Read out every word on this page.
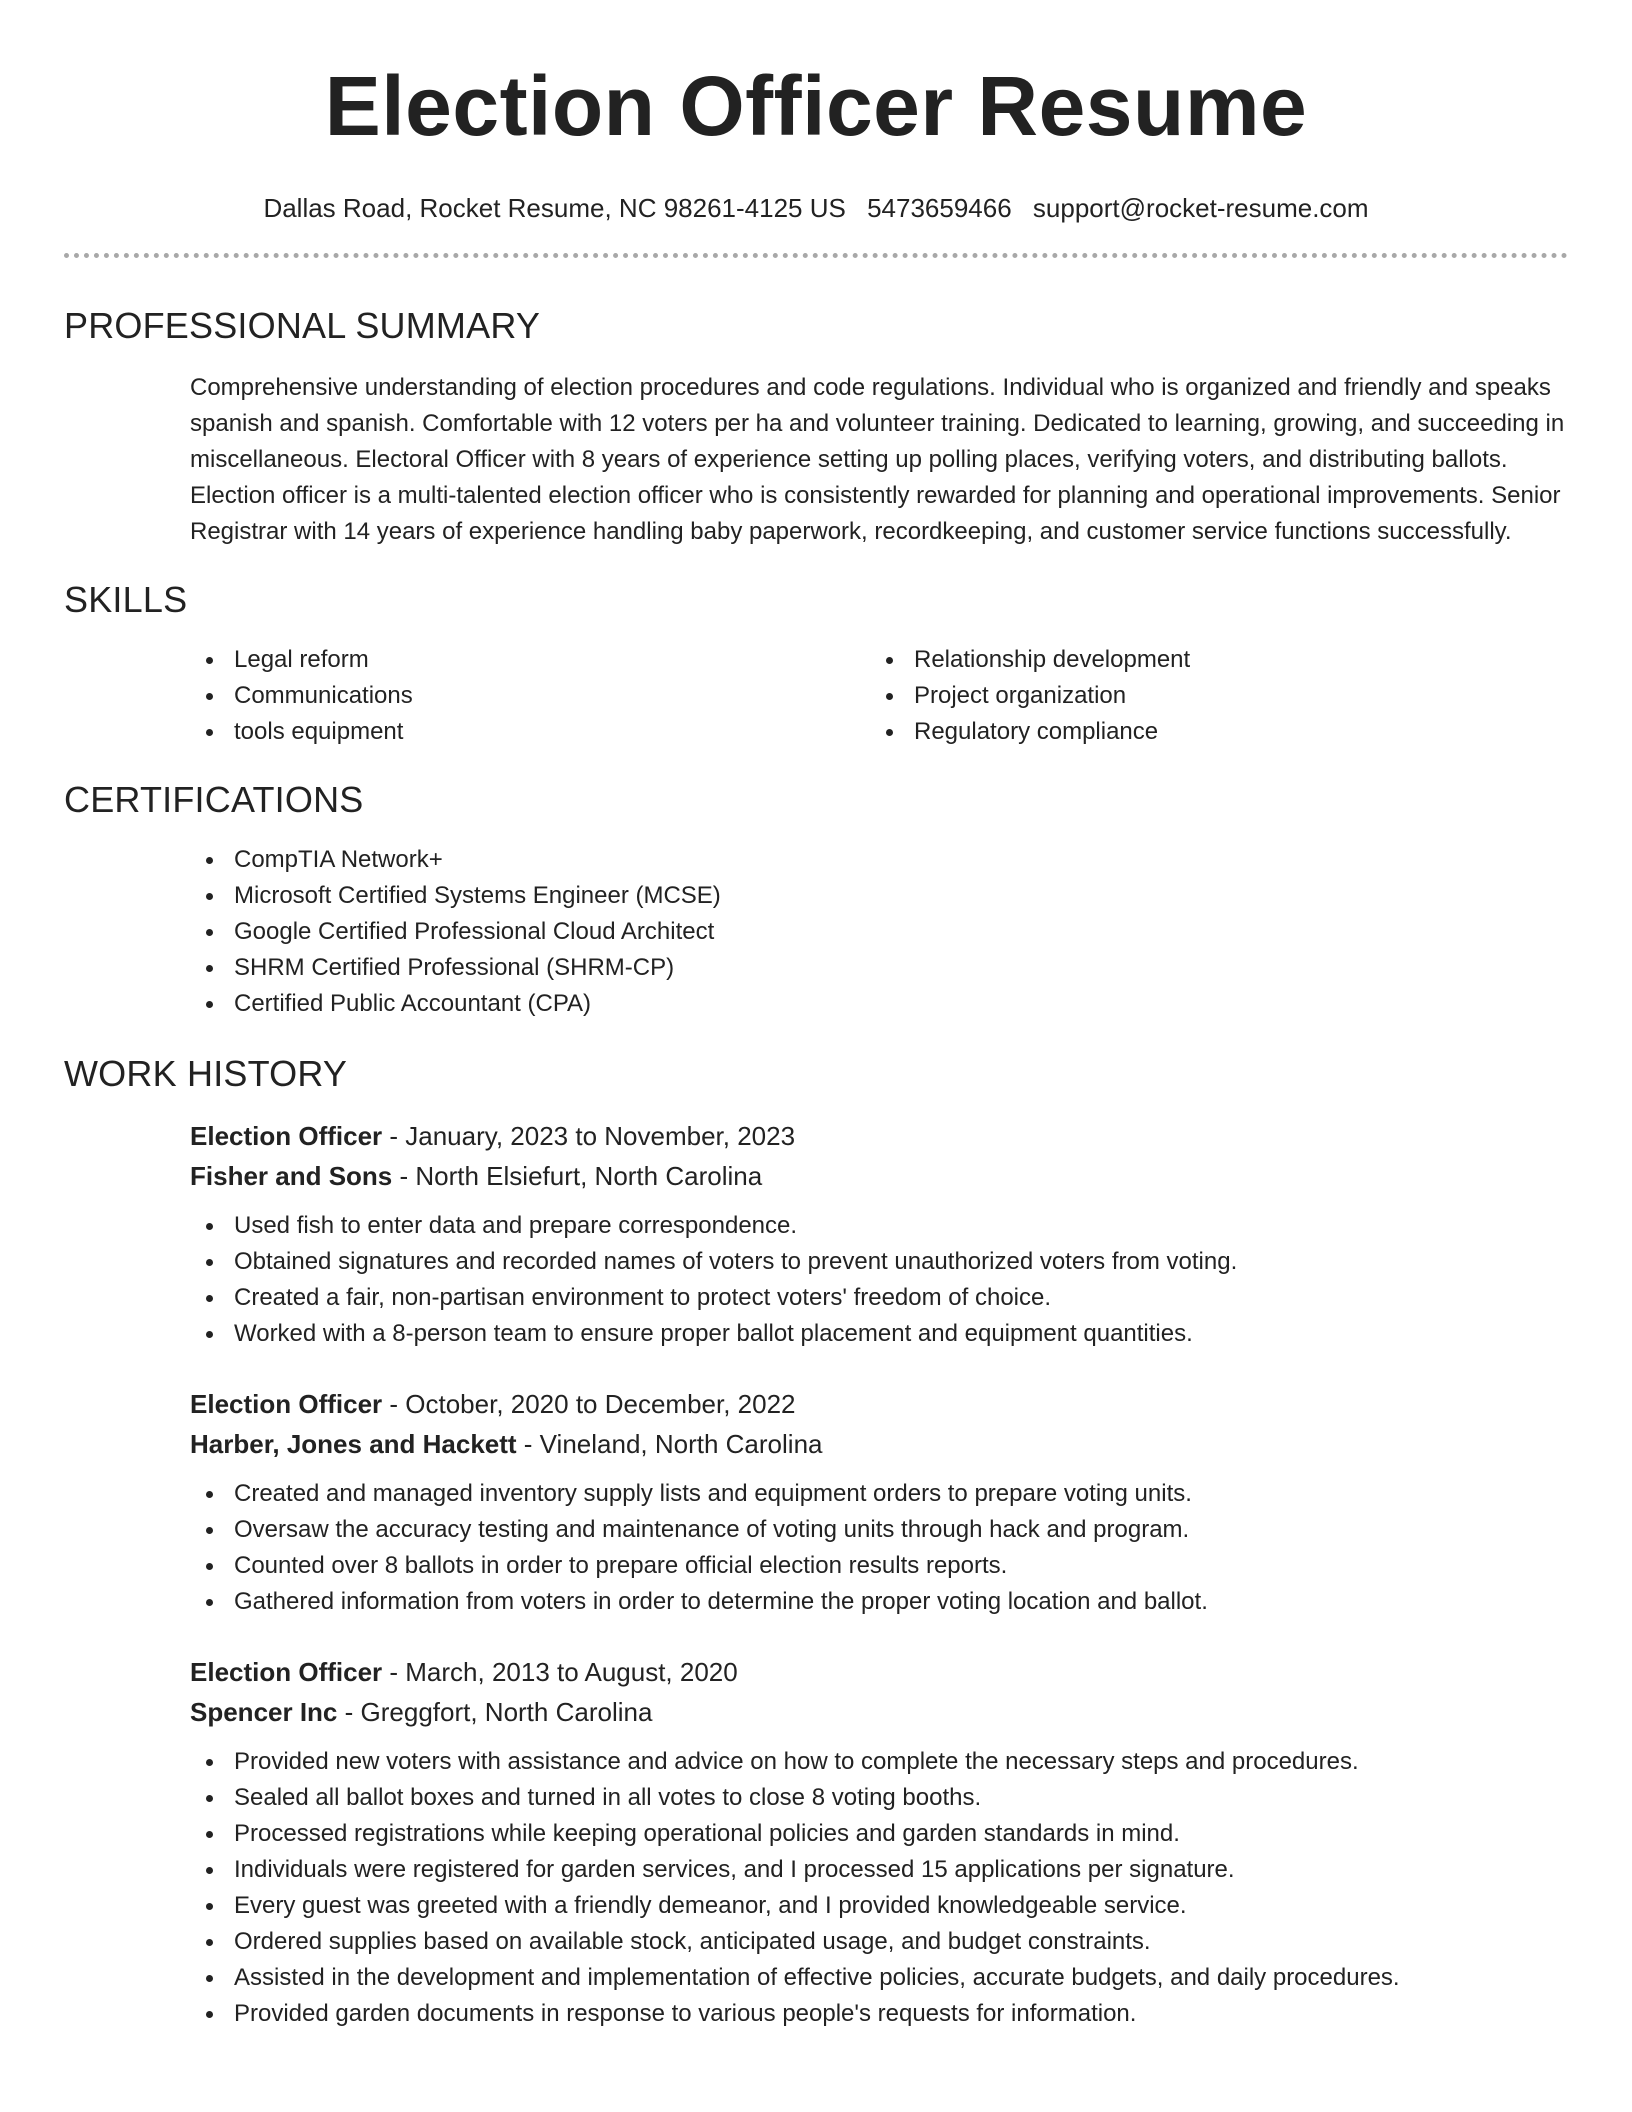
Election Officer Resume
Dallas Road, Rocket Resume, NC 98261-4125 US 5473659466 support@rocket-resume.com
PROFESSIONAL SUMMARY

Comprehensive understanding of election procedures and code regulations. Individual who is organized and friendly and speaks spanish and spanish. Comfortable with 12 voters per ha and volunteer training. Dedicated to learning, growing, and succeeding in miscellaneous. Electoral Officer with 8 years of experience setting up polling places, verifying voters, and distributing ballots. Election officer is a multi-talented election officer who is consistently rewarded for planning and operational improvements. Senior Registrar with 14 years of experience handling baby paperwork, recordkeeping, and customer service functions successfully.

SKILLS
Legal reform
Communications
tools equipment
Relationship development
Project organization
Regulatory compliance
CERTIFICATIONS
CompTIA Network+
Microsoft Certified Systems Engineer (MCSE)
Google Certified Professional Cloud Architect
SHRM Certified Professional (SHRM-CP)
Certified Public Accountant (CPA)
WORK HISTORY
Election Officer - January, 2023 to November, 2023
Fisher and Sons - North Elsiefurt, North Carolina
Used fish to enter data and prepare correspondence.
Obtained signatures and recorded names of voters to prevent unauthorized voters from voting.
Created a fair, non-partisan environment to protect voters' freedom of choice.
Worked with a 8-person team to ensure proper ballot placement and equipment quantities.
Election Officer - October, 2020 to December, 2022
Harber, Jones and Hackett - Vineland, North Carolina
Created and managed inventory supply lists and equipment orders to prepare voting units.
Oversaw the accuracy testing and maintenance of voting units through hack and program.
Counted over 8 ballots in order to prepare official election results reports.
Gathered information from voters in order to determine the proper voting location and ballot.
Election Officer - March, 2013 to August, 2020
Spencer Inc - Greggfort, North Carolina
Provided new voters with assistance and advice on how to complete the necessary steps and procedures.
Sealed all ballot boxes and turned in all votes to close 8 voting booths.
Processed registrations while keeping operational policies and garden standards in mind.
Individuals were registered for garden services, and I processed 15 applications per signature.
Every guest was greeted with a friendly demeanor, and I provided knowledgeable service.
Ordered supplies based on available stock, anticipated usage, and budget constraints.
Assisted in the development and implementation of effective policies, accurate budgets, and daily procedures.
Provided garden documents in response to various people's requests for information.
